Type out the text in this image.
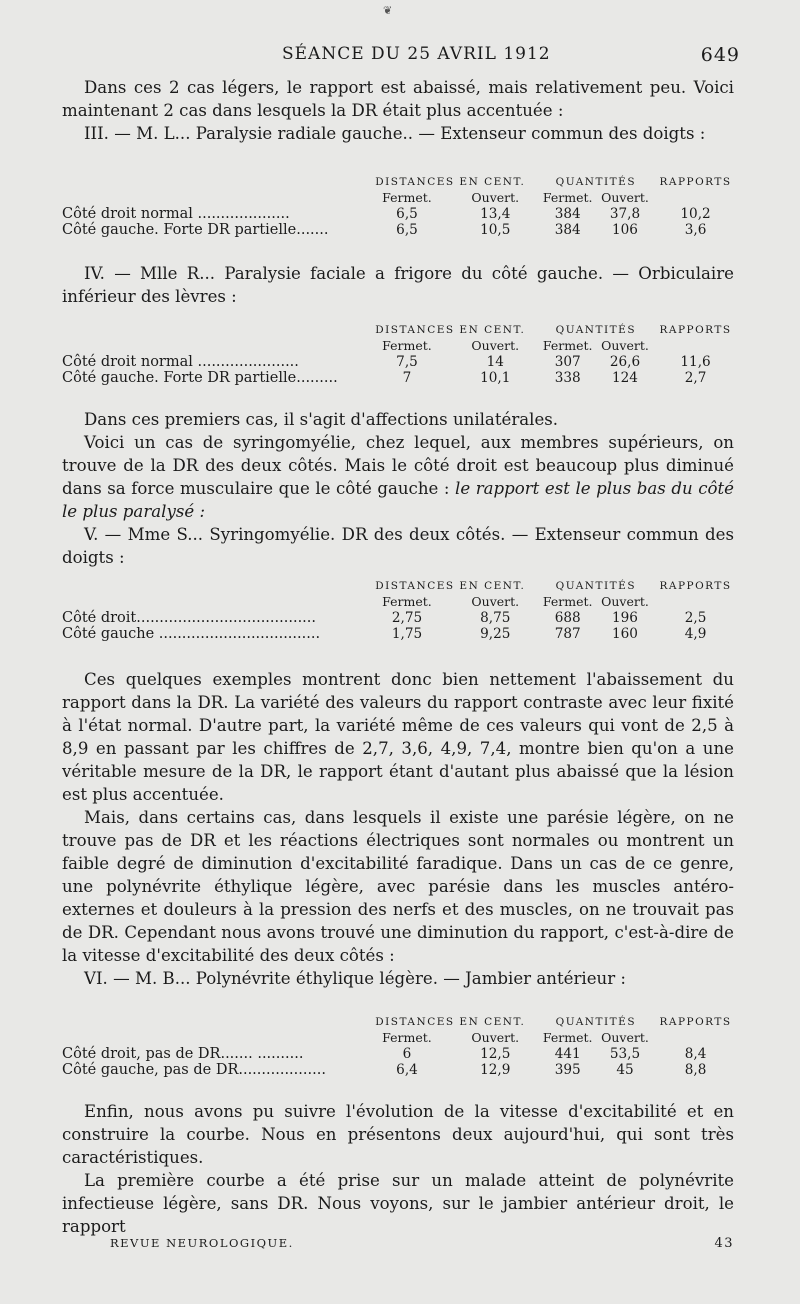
❦
SÉANCE DU 25 AVRIL 1912	649

Dans ces 2 cas légers, le rapport est abaissé, mais relativement peu. Voici maintenant 2 cas dans lesquels la DR était plus accentuée :

III. — M. L... Paralysie radiale gauche.. — Extenseur commun des doigts :

	DISTANCES EN CENT.		QUANTITÉS		RAPPORTS
	Fermet.	Ouvert.	Fermet.	Ouvert.	
Côté droit normal ....................	6,5	13,4	384	37,8	10,2
Côté gauche. Forte DR partielle.......	6,5	10,5	384	106	3,6

IV. — Mlle R... Paralysie faciale a frigore du côté gauche. — Orbiculaire inférieur des lèvres :

	DISTANCES EN CENT.		QUANTITÉS		RAPPORTS
	Fermet.	Ouvert.	Fermet.	Ouvert.	
Côté droit normal ......................	7,5	14	307	26,6	11,6
Côté gauche. Forte DR partielle.........	7	10,1	338	124	2,7

Dans ces premiers cas, il s'agit d'affections unilatérales.

Voici un cas de syringomyélie, chez lequel, aux membres supérieurs, on trouve de la DR des deux côtés. Mais le côté droit est beaucoup plus diminué dans sa force musculaire que le côté gauche : le rapport est le plus bas du côté le plus paralysé :

V. — Mme S... Syringomyélie. DR des deux côtés. — Extenseur commun des doigts :

	DISTANCES EN CENT.		QUANTITÉS		RAPPORTS
	Fermet.	Ouvert.	Fermet.	Ouvert.	
Côté droit.......................................	2,75	8,75	688	196	2,5
Côté gauche ...................................	1,75	9,25	787	160	4,9

Ces quelques exemples montrent donc bien nettement l'abaissement du rapport dans la DR. La variété des valeurs du rapport contraste avec leur fixité à l'état normal. D'autre part, la variété même de ces valeurs qui vont de 2,5 à 8,9 en passant par les chiffres de 2,7, 3,6, 4,9, 7,4, montre bien qu'on a une véritable mesure de la DR, le rapport étant d'autant plus abaissé que la lésion est plus accentuée.

Mais, dans certains cas, dans lesquels il existe une parésie légère, on ne trouve pas de DR et les réactions électriques sont normales ou montrent un faible degré de diminution d'excitabilité faradique. Dans un cas de ce genre, une polynévrite éthylique légère, avec parésie dans les muscles antéro-externes et douleurs à la pression des nerfs et des muscles, on ne trouvait pas de DR. Cependant nous avons trouvé une diminution du rapport, c'est-à-dire de la vitesse d'excitabilité des deux côtés :

VI. — M. B... Polynévrite éthylique légère. — Jambier antérieur :

	DISTANCES EN CENT.		QUANTITÉS		RAPPORTS
	Fermet.	Ouvert.	Fermet.	Ouvert.	
Côté droit, pas de DR....... ..........	6	12,5	441	53,5	8,4
Côté gauche, pas de DR...................	6,4	12,9	395	45	8,8

Enfin, nous avons pu suivre l'évolution de la vitesse d'excitabilité et en construire la courbe. Nous en présentons deux aujourd'hui, qui sont très caractéristiques.

La première courbe a été prise sur un malade atteint de polynévrite infectieuse légère, sans DR. Nous voyons, sur le jambier antérieur droit, le rapport

REVUE NEUROLOGIQUE.	43
